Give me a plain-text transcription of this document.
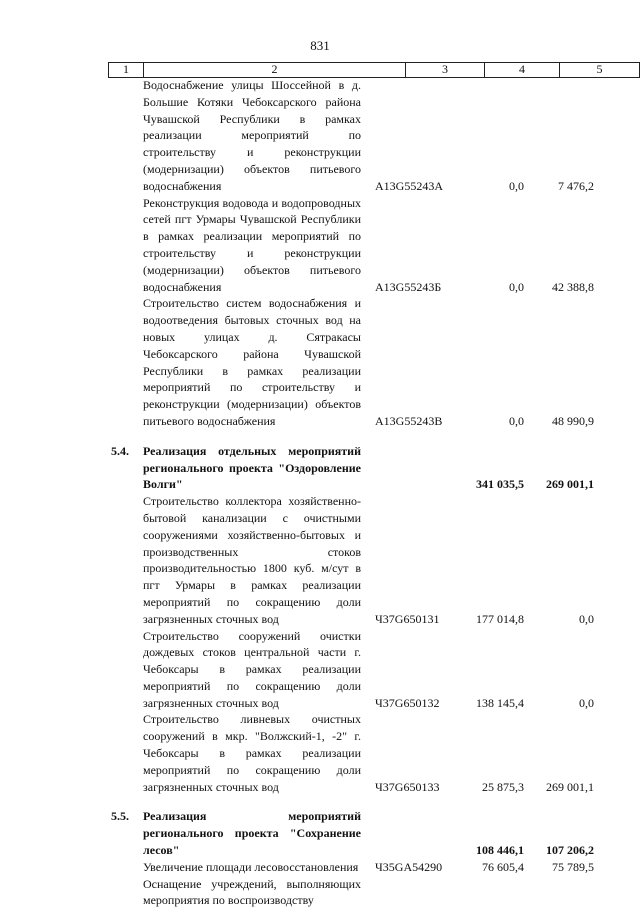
831
1	2	3	4	5
Водоснабжение улицы Шоссейной в д. Большие Котяки Чебоксарского района Чувашской Республики в рамках реализации мероприятий по строительству и реконструкции (модернизации) объектов питьевого водоснабжения	А13G55243А	0,0	7 476,2
Реконструкция водовода и водопроводных сетей пгт Урмары Чувашской Республики в рамках реализации мероприятий по строительству и реконструкции (модернизации) объектов питьевого водоснабжения	А13G55243Б	0,0	42 388,8
Строительство систем водоснабжения и водоотведения бытовых сточных вод на новых улицах д. Сятракасы Чебоксарского района Чувашской Республики в рамках реализации мероприятий по строительству и реконструкции (модернизации) объектов питьевого водоснабжения	А13G55243В	0,0	48 990,9
5.4.	Реализация отдельных мероприятий регионального проекта "Оздоровление Волги"	341 035,5	269 001,1
Строительство коллектора хозяйственно-бытовой канализации с очистными сооружениями хозяйственно-бытовых и производственных стоков производительностью 1800 куб. м/сут в пгт Урмары в рамках реализации мероприятий по сокращению доли загрязненных сточных вод	Ч37G650131	177 014,8	0,0
Строительство сооружений очистки дождевых стоков центральной части г. Чебоксары в рамках реализации мероприятий по сокращению доли загрязненных сточных вод	Ч37G650132	138 145,4	0,0
Строительство ливневых очистных сооружений в мкр. "Волжский-1, -2" г. Чебоксары в рамках реализации мероприятий по сокращению доли загрязненных сточных вод	Ч37G650133	25 875,3	269 001,1
5.5.	Реализация мероприятий регионального проекта "Сохранение лесов"	108 446,1	107 206,2
Увеличение площади лесовосстановления Ч35GА54290	76 605,4	75 789,5
Оснащение учреждений, выполняющих мероприятия по воспроизводству
